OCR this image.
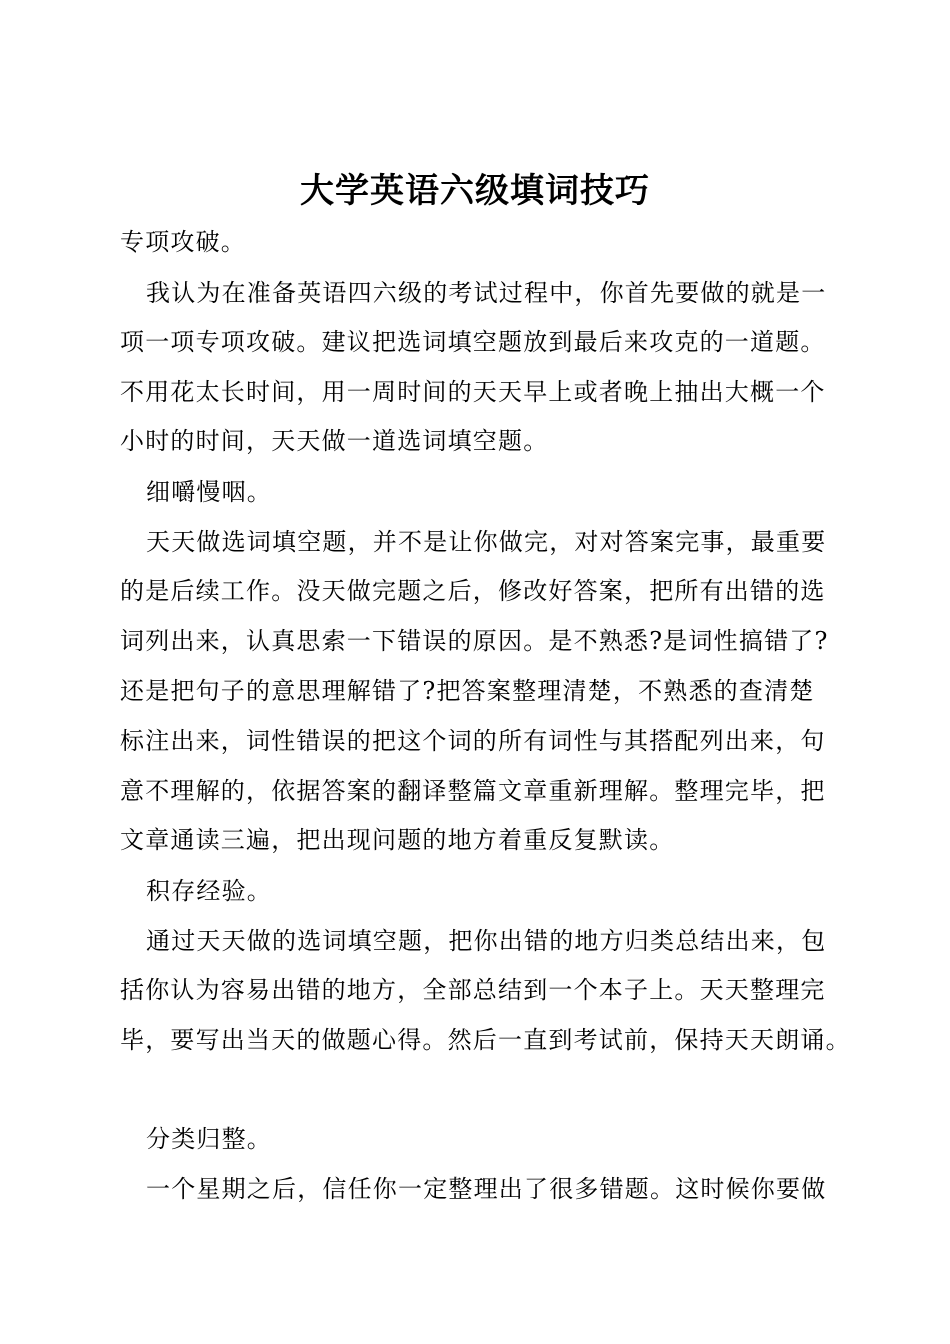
大学英语六级填词技巧
专项攻破。
我认为在准备英语四六级的考试过程中，你首先要做的就是一
项一项专项攻破。建议把选词填空题放到最后来攻克的一道题。
不用花太长时间，用一周时间的天天早上或者晚上抽出大概一个
小时的时间，天天做一道选词填空题。
细嚼慢咽。
天天做选词填空题，并不是让你做完，对对答案完事，最重要
的是后续工作。没天做完题之后，修改好答案，把所有出错的选
词列出来，认真思索一下错误的原因。是不熟悉?是词性搞错了?
还是把句子的意思理解错了?把答案整理清楚，不熟悉的查清楚
标注出来，词性错误的把这个词的所有词性与其搭配列出来，句
意不理解的，依据答案的翻译整篇文章重新理解。整理完毕，把
文章通读三遍，把出现问题的地方着重反复默读。
积存经验。
通过天天做的选词填空题，把你出错的地方归类总结出来，包
括你认为容易出错的地方，全部总结到一个本子上。天天整理完
毕，要写出当天的做题心得。然后一直到考试前，保持天天朗诵。
分类归整。
一个星期之后，信任你一定整理出了很多错题。这时候你要做
